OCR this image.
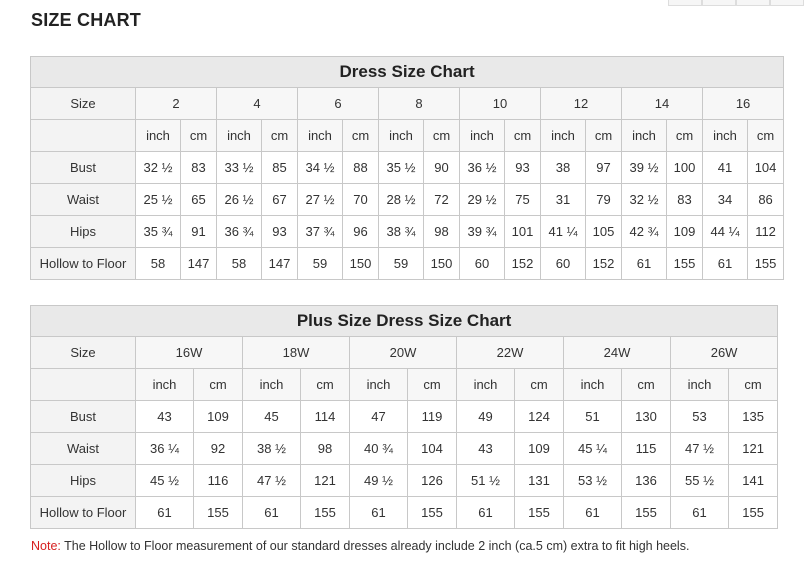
SIZE CHART
Dress Size Chart																
Size	2		4		6		8		10		12		14		16	
	inch	cm	inch	cm	inch	cm	inch	cm	inch	cm	inch	cm	inch	cm	inch	cm
Bust	32 ½	83	33 ½	85	34 ½	88	35 ½	90	36 ½	93	38	97	39 ½	100	41	104
Waist	25 ½	65	26 ½	67	27 ½	70	28 ½	72	29 ½	75	31	79	32 ½	83	34	86
Hips	35 ¾	91	36 ¾	93	37 ¾	96	38 ¾	98	39 ¾	101	41 ¼	105	42 ¾	109	44 ¼	112
Hollow to Floor	58	147	58	147	59	150	59	150	60	152	60	152	61	155	61	155
Plus Size Dress Size Chart												
Size	16W		18W		20W		22W		24W		26W	
	inch	cm	inch	cm	inch	cm	inch	cm	inch	cm	inch	cm
Bust	43	109	45	114	47	119	49	124	51	130	53	135
Waist	36 ¼	92	38 ½	98	40 ¾	104	43	109	45 ¼	115	47 ½	121
Hips	45 ½	116	47 ½	121	49 ½	126	51 ½	131	53 ½	136	55 ½	141
Hollow to Floor	61	155	61	155	61	155	61	155	61	155	61	155
Note: The Hollow to Floor measurement of our standard dresses already include 2 inch (ca.5 cm) extra to fit high heels.
